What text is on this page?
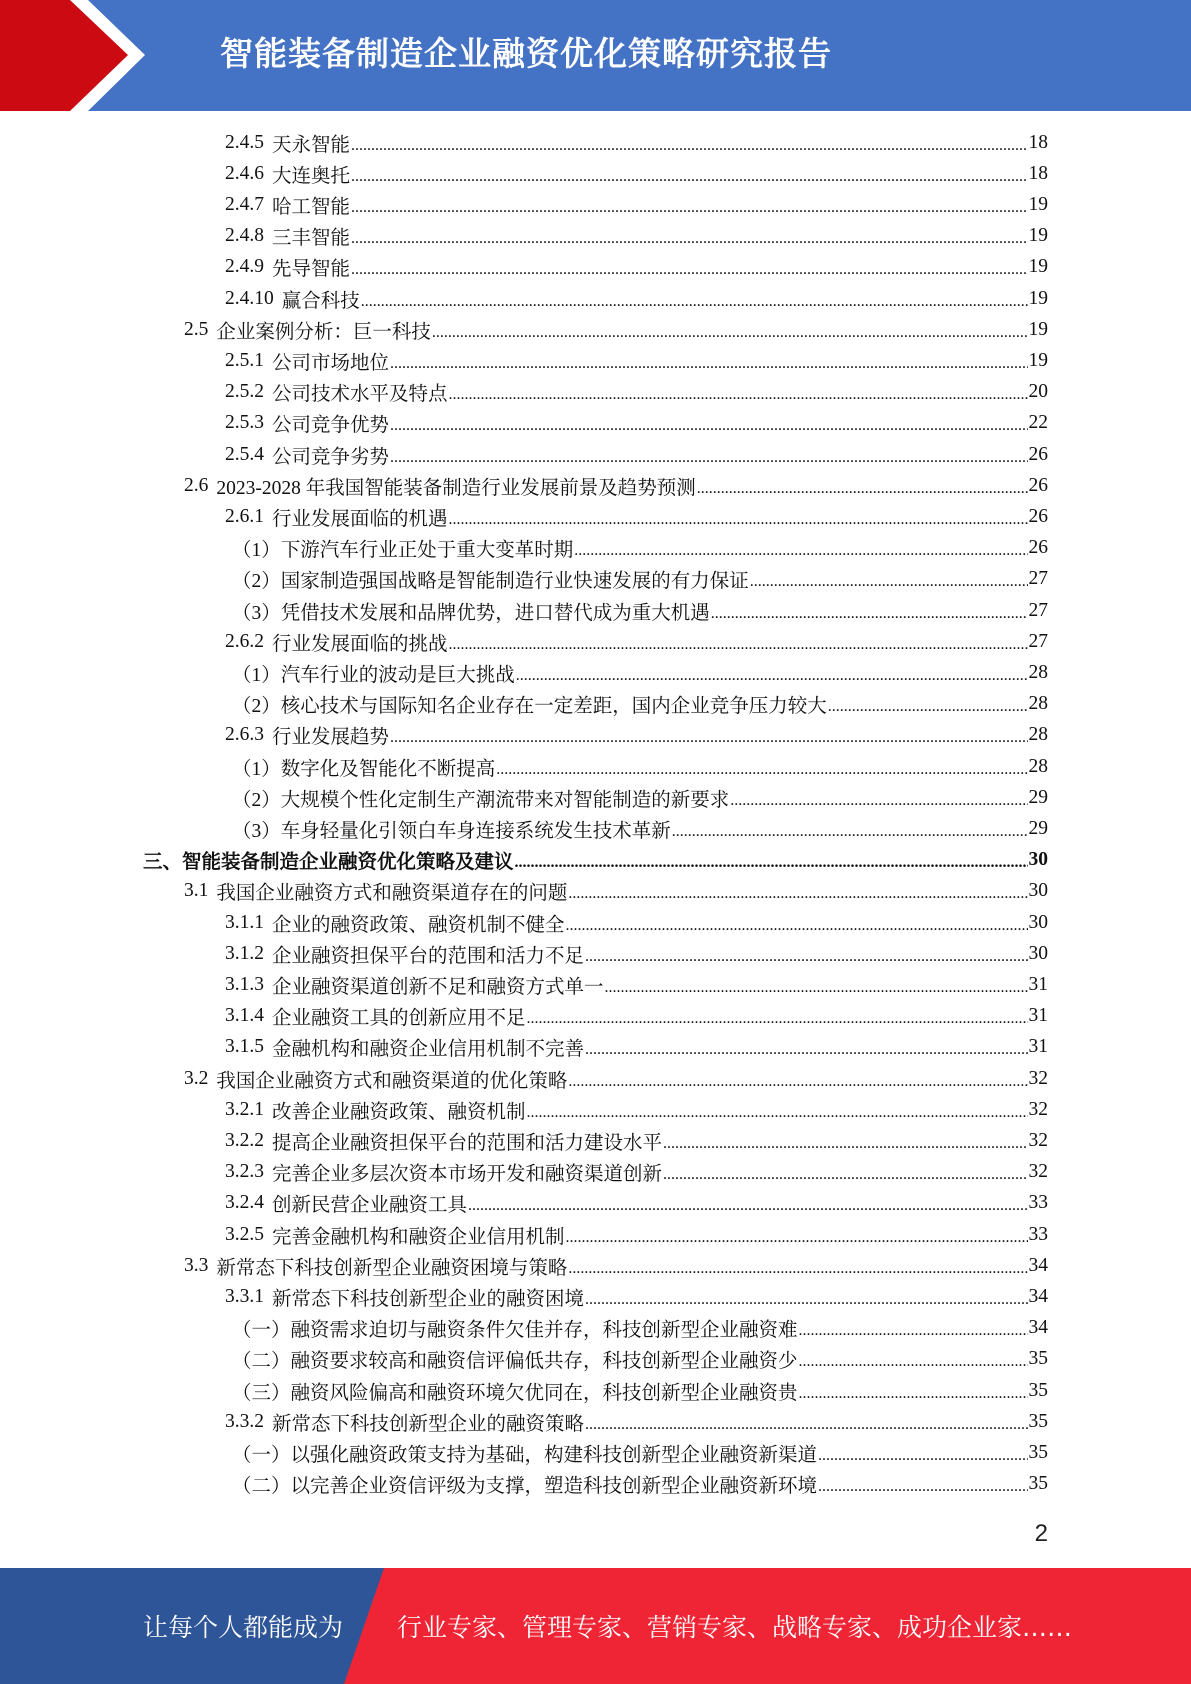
智能装备制造企业融资优化策略研究报告
2.4.5 天永智能 .....	18
2.4.6 大连奥托 .....	18
2.4.7 哈工智能 .....	19
2.4.8 三丰智能 .....	19
2.4.9 先导智能 .....	19
2.4.10 赢合科技 .....	19
2.5 企业案例分析：巨一科技 .....	19
2.5.1 公司市场地位 .....	19
2.5.2 公司技术水平及特点 .....	20
2.5.3 公司竞争优势 .....	22
2.5.4 公司竞争劣势 .....	26
2.6 2023-2028 年我国智能装备制造行业发展前景及趋势预测 .....	26
2.6.1 行业发展面临的机遇 .....	26
（1） 下游汽车行业正处于重大变革时期 .....	26
（2） 国家制造强国战略是智能制造行业快速发展的有力保证 .....	27
（3） 凭借技术发展和品牌优势，进口替代成为重大机遇 .....	27
2.6.2 行业发展面临的挑战 .....	27
（1） 汽车行业的波动是巨大挑战 .....	28
（2） 核心技术与国际知名企业存在一定差距，国内企业竞争压力较大 .....	28
2.6.3 行业发展趋势 .....	28
（1） 数字化及智能化不断提高 .....	28
（2） 大规模个性化定制生产潮流带来对智能制造的新要求 .....	29
（3） 车身轻量化引领白车身连接系统发生技术革新 .....	29
三、 智能装备制造企业融资优化策略及建议 .....	30
3.1 我国企业融资方式和融资渠道存在的问题 .....	30
3.1.1 企业的融资政策、融资机制不健全 .....	30
3.1.2 企业融资担保平台的范围和活力不足 .....	30
3.1.3 企业融资渠道创新不足和融资方式单一 .....	31
3.1.4 企业融资工具的创新应用不足 .....	31
3.1.5 金融机构和融资企业信用机制不完善 .....	31
3.2 我国企业融资方式和融资渠道的优化策略 .....	32
3.2.1 改善企业融资政策、融资机制 .....	32
3.2.2 提高企业融资担保平台的范围和活力建设水平 .....	32
3.2.3 完善企业多层次资本市场开发和融资渠道创新 .....	32
3.2.4 创新民营企业融资工具 .....	33
3.2.5 完善金融机构和融资企业信用机制 .....	33
3.3 新常态下科技创新型企业融资困境与策略 .....	34
3.3.1 新常态下科技创新型企业的融资困境 .....	34
（一） 融资需求迫切与融资条件欠佳并存，科技创新型企业融资难 .....	34
（二） 融资要求较高和融资信评偏低共存，科技创新型企业融资少 .....	35
（三） 融资风险偏高和融资环境欠优同在，科技创新型企业融资贵 .....	35
3.3.2 新常态下科技创新型企业的融资策略 .....	35
（一） 以强化融资政策支持为基础，构建科技创新型企业融资新渠道 .....	35
（二） 以完善企业资信评级为支撑，塑造科技创新型企业融资新环境 .....	35
2
让每个人都能成为 行业专家、管理专家、营销专家、战略专家、成功企业家……
